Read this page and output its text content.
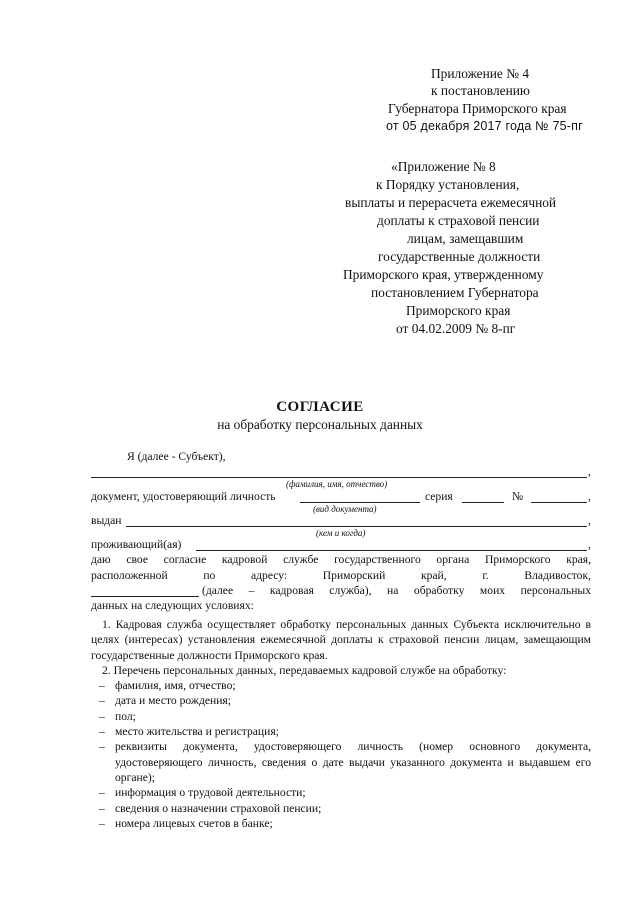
Приложение № 4
к постановлению
Губернатора Приморского края
от 05 декабря 2017 года № 75-пг
«Приложение № 8
к Порядку установления,
выплаты и перерасчета ежемесячной
доплаты к страховой пенсии
лицам, замещавшим
государственные должности
Приморского края, утвержденному
постановлением Губернатора
Приморского края
от 04.02.2009 № 8-пг
СОГЛАСИЕ
на обработку персональных данных
Я (далее - Субъект),
,
(фамилия, имя, отчество)
документ, удостоверяющий личность	серия	№	,
(вид документа)
выдан	,
(кем и когда)
проживающий(ая)	,
даю свое согласие кадровой службе государственного органа Приморского края,
расположенной по адресу: Приморский край, г. Владивосток,
(далее – кадровая служба), на обработку моих персональных
данных на следующих условиях:
1. Кадровая служба осуществляет обработку персональных данных Субъекта исключительно в целях (интересах) установления ежемесячной доплаты к страховой пенсии лицам, замещающим государственные должности Приморского края.
2. Перечень персональных данных, передаваемых кадровой службе на обработку:
– фамилия, имя, отчество;
– дата и место рождения;
– пол;
– место жительства и регистрация;
– реквизиты документа, удостоверяющего личность (номер основного документа, удостоверяющего личность, сведения о дате выдачи указанного документа и выдавшем его органе);
– информация о трудовой деятельности;
– сведения о назначении страховой пенсии;
– номера лицевых счетов в банке;
